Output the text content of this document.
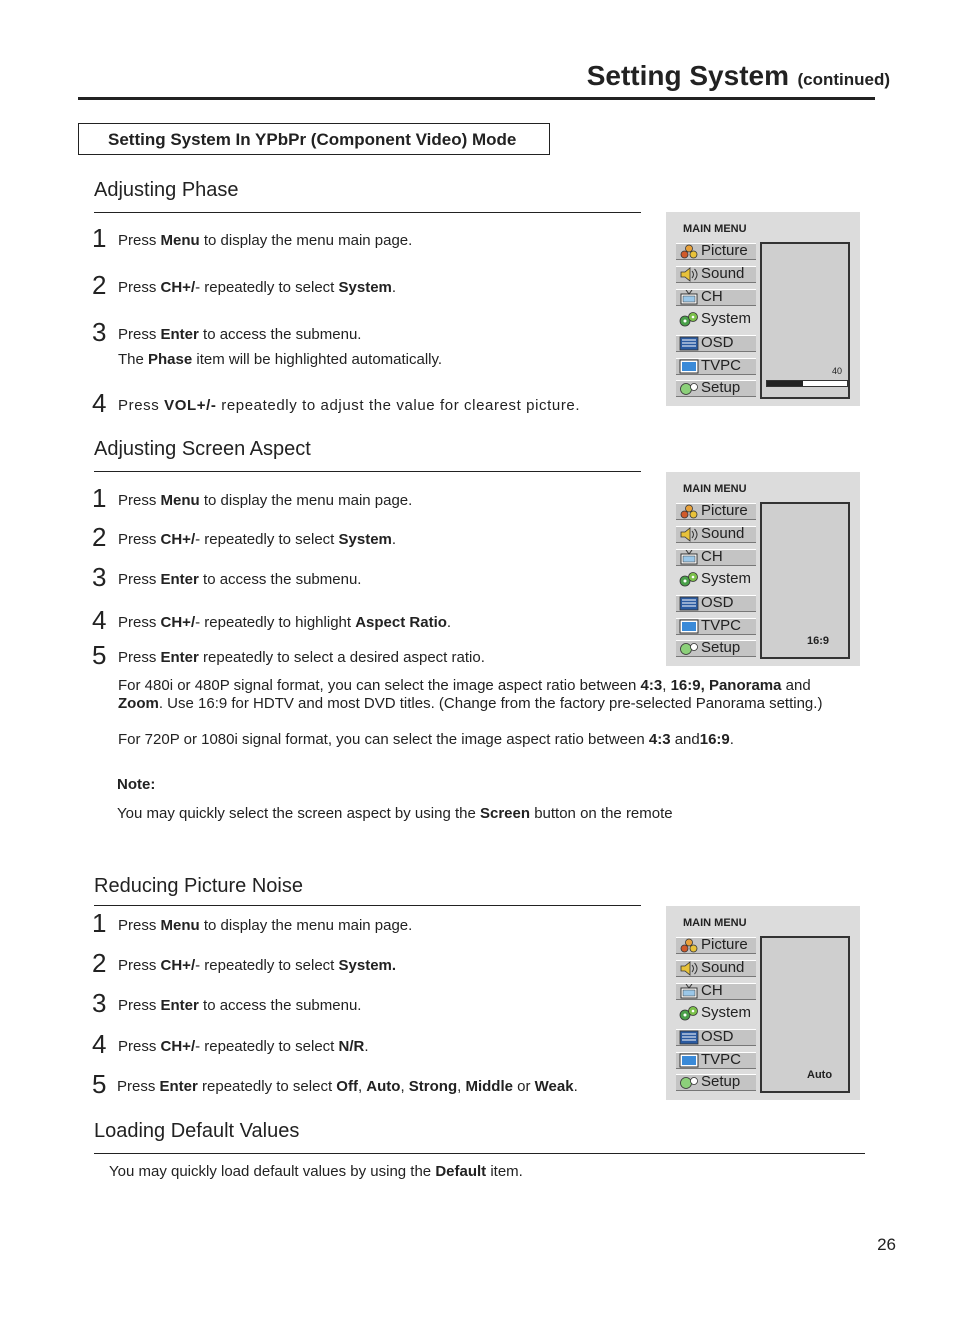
Setting System (continued)
Setting System In YPbPr (Component Video) Mode
Adjusting Phase
1 Press Menu to display the menu main page.
2 Press CH+/- repeatedly to select System.
3 Press Enter to access the submenu.
The Phase item will be highlighted automatically.
4 Press VOL+/- repeatedly to adjust the value for clearest picture.
MAIN MENU
Picture
Sound
CH
System
OSD
TVPC
Setup
40
Adjusting Screen Aspect
1 Press Menu to display the menu main page.
2 Press CH+/- repeatedly to select System.
3 Press Enter to access the submenu.
4 Press CH+/- repeatedly to highlight Aspect Ratio.
5 Press Enter repeatedly to select a desired aspect ratio.
For 480i or 480P signal format, you can select the image aspect ratio between 4:3, 16:9, Panorama and Zoom. Use 16:9 for HDTV and most DVD titles. (Change from the factory pre-selected Panorama setting.)
For 720P or 1080i signal format, you can select the image aspect ratio between 4:3 and16:9.
Note:
You may quickly select the screen aspect by using the Screen button on the remote
MAIN MENU
Picture
Sound
CH
System
OSD
TVPC
Setup	16:9
Reducing Picture Noise
1 Press Menu to display the menu main page.
2 Press CH+/- repeatedly to select System.
3 Press Enter to access the submenu.
4 Press CH+/- repeatedly to select N/R.
5 Press Enter repeatedly to select Off, Auto, Strong, Middle or Weak.
MAIN MENU
Picture
Sound
CH
System
OSD
TVPC
Setup	Auto
Loading Default Values
You may quickly load default values by using the Default item.
26
